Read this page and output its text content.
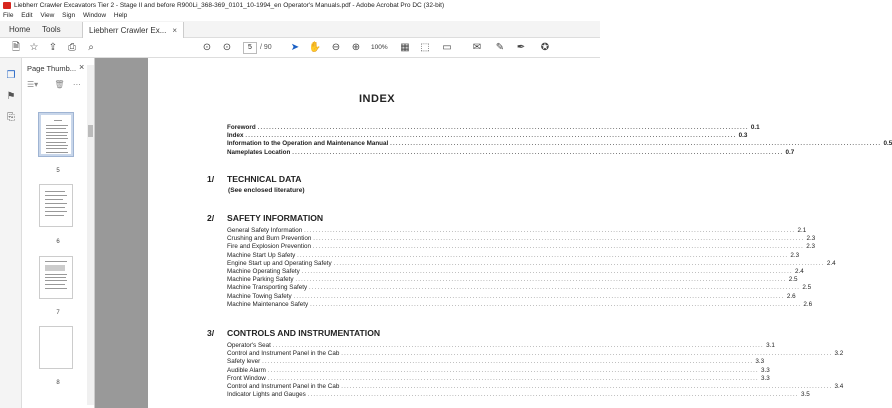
Liebherr Crawler Excavators Tier 2 - Stage II and before R900Li_368-369_0101_10-1994_en Operator's Manuals.pdf - Adobe Acrobat Pro DC (32-bit)
File Edit View Sign Window Help
Home	Tools	Liebherr Crawler Ex... ×
🗎 ☆ ⇪	⎙	⌕	⊙ ⊙	5	/ 90 ➤ ✋ ⊖ ⊕	100% ▦ ⬚ ▭ ✉ ✎ ✒ ✪
❐
⚑
⎘
Page Thumb... ×
☰▾ 🗑 ⋯
5
6
7
8
INDEX
Foreword .......................................................................................................................................................................... 0.1
Index .......................................................................................................................................................................... 0.3
Information to the Operation and Maintenance Manual .......................................................................................................................................................................... 0.5
Nameplates Location .......................................................................................................................................................................... 0.7
1/ TECHNICAL DATA
(See enclosed literature)
2/ SAFETY INFORMATION
General Safety Information .......................................................................................................................................................................... 2.1
Crushing and Burn Prevention .......................................................................................................................................................................... 2.3
Fire and Explosion Prevention .......................................................................................................................................................................... 2.3
Machine Start Up Safety .......................................................................................................................................................................... 2.3
Engine Start up and Operating Safety .......................................................................................................................................................................... 2.4
Machine Operating Safety .......................................................................................................................................................................... 2.4
Machine Parking Safety .......................................................................................................................................................................... 2.5
Machine Transporting Safety .......................................................................................................................................................................... 2.5
Machine Towing Safety .......................................................................................................................................................................... 2.6
Machine Maintenance Safety .......................................................................................................................................................................... 2.6
3/ CONTROLS AND INSTRUMENTATION
Operator's Seat .......................................................................................................................................................................... 3.1
Control and Instrument Panel in the Cab .......................................................................................................................................................................... 3.2
Safety lever .......................................................................................................................................................................... 3.3
Audible Alarm .......................................................................................................................................................................... 3.3
Front Window .......................................................................................................................................................................... 3.3
Control and Instrument Panel in the Cab .......................................................................................................................................................................... 3.4
Indicator Lights and Gauges .......................................................................................................................................................................... 3.5
